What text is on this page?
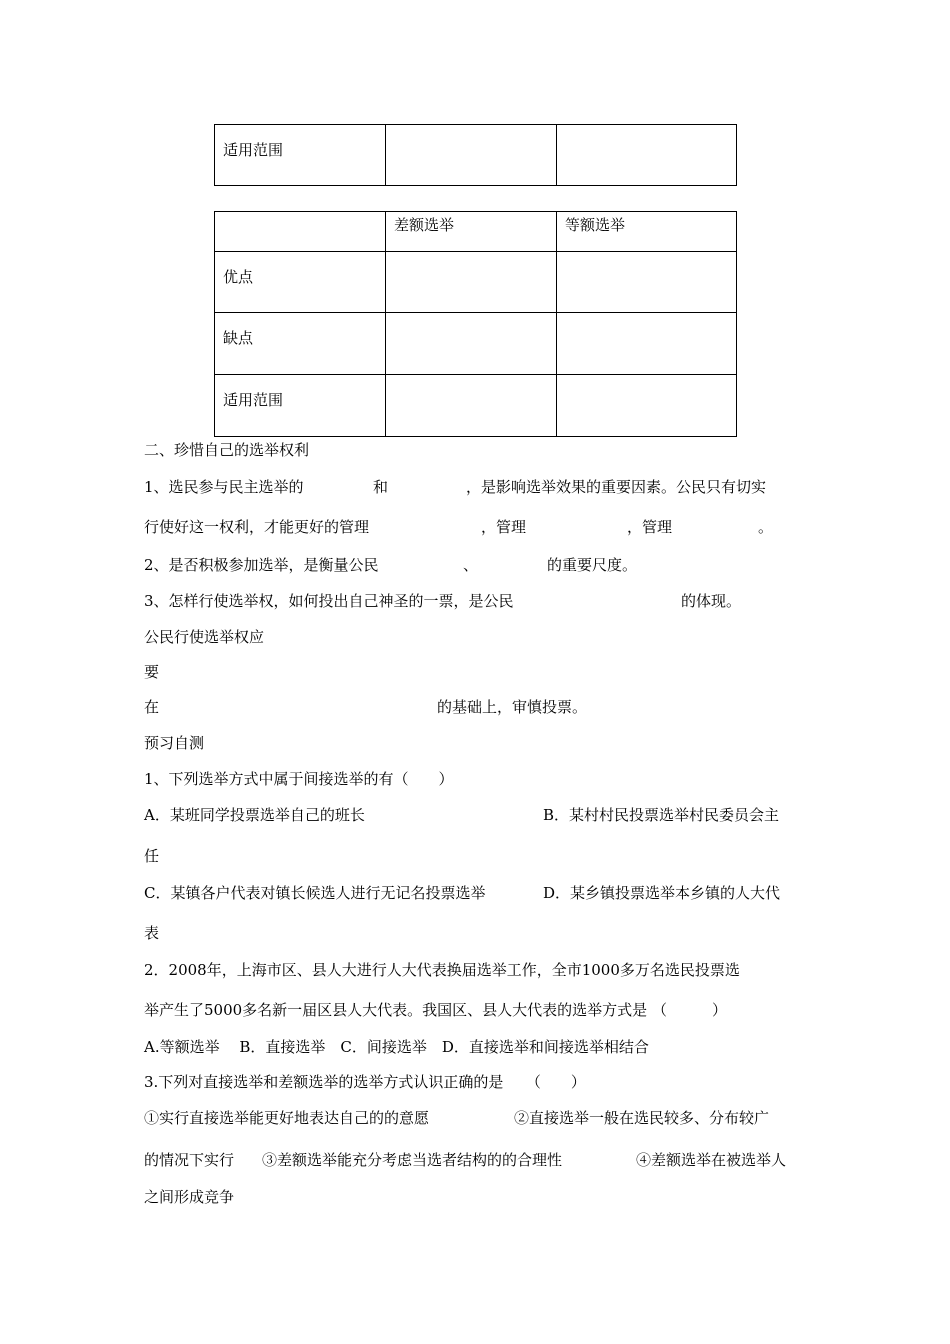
适用范围

	差额选举	等额选举

优点		

缺点		

适用范围		

二、珍惜自己的选举权利
1、选民参与民主选举的	和	，是影响选举效果的重要因素。公民只有切实
行使好这一权利，才能更好的管理	，管理	，管理	。
2、是否积极参加选举，是衡量公民	、	的重要尺度。
3、怎样行使选举权，如何投出自己神圣的一票，是公民	的体现。
公民行使选举权应
要
在	的基础上，审慎投票。
预习自测
1、下列选举方式中属于间接选举的有（　　）
A．某班同学投票选举自己的班长	B．某村村民投票选举村民委员会主
任
C．某镇各户代表对镇长候选人进行无记名投票选举	D．某乡镇投票选举本乡镇的人大代
表
2．2008年，上海市区、县人大进行人大代表换届选举工作，全市1000多万名选民投票选
举产生了5000多名新一届区县人大代表。我国区、县人大代表的选举方式是 （　　　）
A.等额选举　 B．直接选举　C．间接选举　D．直接选举和间接选举相结合
3.下列对直接选举和差额选举的选举方式认识正确的是　　（　　）
①实行直接选举能更好地表达自己的的意愿	②直接选举一般在选民较多、分布较广
的情况下实行 ③差额选举能充分考虑当选者结构的的合理性	④差额选举在被选举人
之间形成竞争
